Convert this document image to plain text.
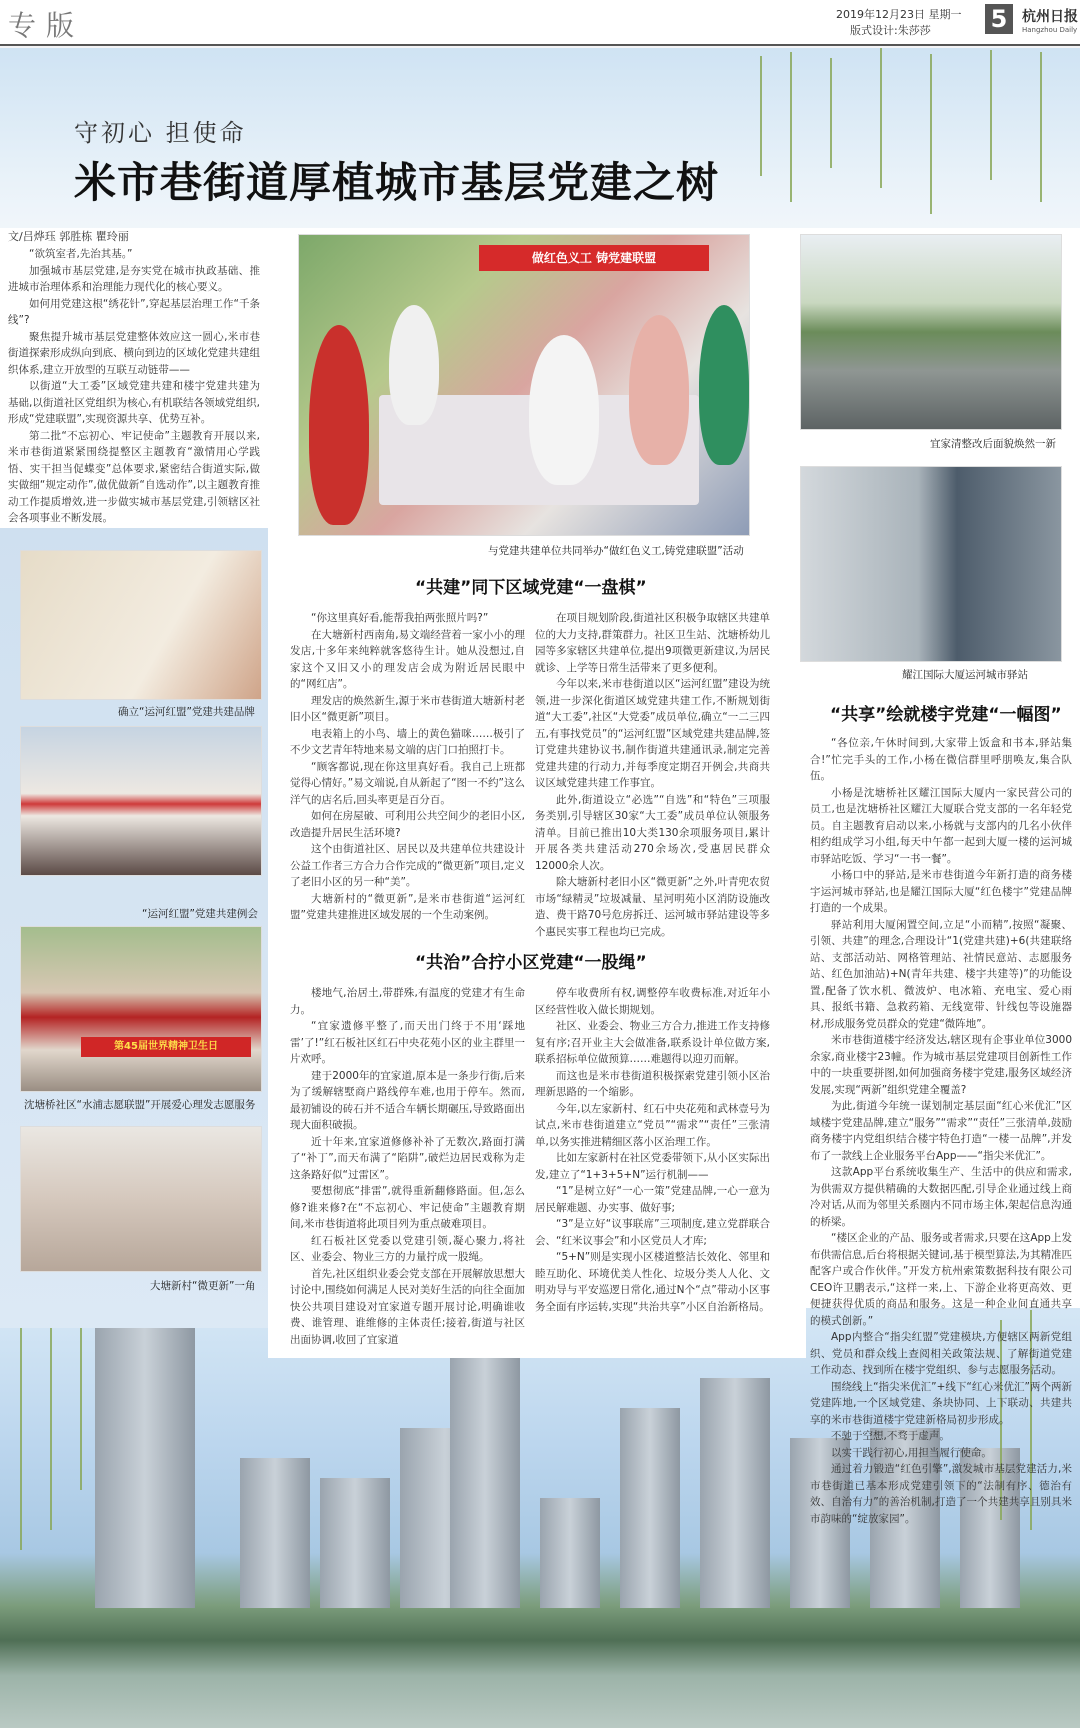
专版	2019年12月23日 星期一
版式设计:朱莎莎 5	杭州日报
Hangzhou Daily
守初心 担使命
米市巷街道厚植城市基层党建之树
文/吕烨珏 郭胜栋 瞿玲丽

“欲筑室者,先治其基。”

加强城市基层党建,是夯实党在城市执政基础、推进城市治理体系和治理能力现代化的核心要义。

如何用党建这根“绣花针”,穿起基层治理工作“千条线”?

聚焦提升城市基层党建整体效应这一圆心,米市巷街道探索形成纵向到底、横向到边的区域化党建共建组织体系,建立开放型的互联互动链带——

以街道“大工委”区域党建共建和楼宇党建共建为基础,以街道社区党组织为核心,有机联结各领域党组织,形成“党建联盟”,实现资源共享、优势互补。

第二批“不忘初心、牢记使命”主题教育开展以来,米市巷街道紧紧围绕提整区主题教育“激情用心学践悟、实干担当促蝶变”总体要求,紧密结合街道实际,做实做细“规定动作”,做优做新“自选动作”,以主题教育推动工作提质增效,进一步做实城市基层党建,引领辖区社会各项事业不断发展。

做红色义工 铸党建联盟
与党建共建单位共同举办“做红色义工,铸党建联盟”活动
宜家清整改后面貌焕然一新
耀江国际大厦运河城市驿站
确立“运河红盟”党建共建品牌
“运河红盟”党建共建例会
第45届世界精神卫生日
沈塘桥社区“水浦志愿联盟”开展爱心理发志愿服务
大塘新村“微更新”一角
“共建”同下区域党建“一盘棋”

“你这里真好看,能帮我拍两张照片吗?”

在大塘新村西南角,易文端经营着一家小小的理发店,十多年来纯粹就客悠待生计。她从没想过,自家这个又旧又小的理发店会成为附近居民眼中的“网红店”。

理发店的焕然新生,源于米市巷街道大塘新村老旧小区“微更新”项目。

电表箱上的小鸟、墙上的黄色猫咪……极引了不少文艺青年特地来易文端的店门口拍照打卡。

“顾客都说,现在你这里真好看。我自己上班都觉得心情好。”易文端说,自从新起了“图一不约”这么洋气的店名后,回头率更是百分百。

如何在房屋破、可利用公共空间少的老旧小区,改造提升居民生活环境?

这个由街道社区、居民以及共建单位共建设计公益工作者三方合力合作完成的“微更新”项目,定义了老旧小区的另一种“美”。

大塘新村的“微更新”,是米市巷街道“运河红盟”党建共建推进区域发展的一个生动案例。

在项目规划阶段,街道社区积极争取辖区共建单位的大力支持,群策群力。社区卫生站、沈塘桥幼儿园等多家辖区共建单位,提出9项微更新建议,为居民就诊、上学等日常生活带来了更多便利。

今年以来,米市巷街道以区“运河红盟”建设为统领,进一步深化街道区域党建共建工作,不断规划街道“大工委”,社区“大党委”成员单位,确立“一二三四五,有事找党员”的“运河红盟”区域党建共建品牌,签订党建共建协议书,制作街道共建通讯录,制定完善党建共建的行动力,并每季度定期召开例会,共商共议区域党建共建工作事宜。

此外,街道设立“必选”“自选”和“特色”三项服务类别,引导辖区30家“大工委”成员单位认领服务清单。目前已推出10大类130余项服务项目,累计开展各类共建活动270余场次,受惠居民群众12000余人次。

除大塘新村老旧小区“微更新”之外,叶青兜农贸市场“绿精灵”垃圾减量、星河明苑小区消防设施改造、费干路70号危房拆迁、运河城市驿站建设等多个惠民实事工程也均已完成。

“共治”合拧小区党建“一股绳”

楼地气,治居土,带群殊,有温度的党建才有生命力。

“宜家遗修平整了,而天出门终于不用‘踩地雷’了!”红石板社区红石中央花苑小区的业主群里一片欢呼。

建于2000年的宜家道,原本是一条步行街,后来为了缓解辖墅商户路线停车难,也用于停车。然而,最初铺设的砖石并不适合车辆长期碾压,导致路面出现大面积破损。

近十年来,宜家道修修补补了无数次,路面打满了“补丁”,而天布满了“陷阱”,破烂边居民戏称为走这条路好似“过雷区”。

要想彻底“排雷”,就得重新翻修路面。但,怎么修?谁来修?在“不忘初心、牢记使命”主题教育期间,米市巷街道将此项目列为重点破难项目。

红石板社区党委以党建引领,凝心聚力,将社区、业委会、物业三方的力量拧成一股绳。

首先,社区组织业委会党支部在开展解放思想大讨论中,围绕如何满足人民对美好生活的向往全面加快公共项目建设对宜家道专题开展讨论,明确谁收费、谁管理、谁维修的主体责任;接着,街道与社区出面协调,收回了宜家道

停车收费所有权,调整停车收费标准,对近年小区经营性收入做长期规划。

社区、业委会、物业三方合力,推进工作支持修复有序;召开业主大会做准备,联系设计单位做方案,联系招标单位做预算……难题得以迎刃而解。

而这也是米市巷街道积极探索党建引领小区治理新思路的一个缩影。

今年,以左家新村、红石中央花苑和武林壹号为试点,米市巷街道建立“党员”“需求”“责任”三张清单,以务实推进精细区落小区治理工作。

比如左家新村在社区党委带领下,从小区实际出发,建立了“1+3+5+N”运行机制——

“1”是树立好“一心一策”党建品牌,一心一意为居民解难题、办实事、做好事;

“3”是立好“议事联席”三项制度,建立党群联合会、“红米议事会”和小区党员人才库;

“5+N”则是实现小区楼道整洁长效化、邻里和睦互助化、环境优美人性化、垃圾分类人人化、文明劝导与平安巡逻日常化,通过N个“点”带动小区事务全面有序运转,实现“共治共享”小区自治新格局。

“共享”绘就楼宇党建“一幅图”

“各位亲,午休时间到,大家带上饭盒和书本,驿站集合!”忙完手头的工作,小杨在微信群里呼朋唤友,集合队伍。

小杨是沈塘桥社区耀江国际大厦内一家民营公司的员工,也是沈塘桥社区耀江大厦联合党支部的一名年轻党员。自主题教育启动以来,小杨就与支部内的几名小伙伴相约组成学习小组,每天中午都一起到大厦一楼的运河城市驿站吃饭、学习“一书一餐”。

小杨口中的驿站,是米市巷街道今年新打造的商务楼宇运河城市驿站,也是耀江国际大厦“红色楼宇”党建品牌打造的一个成果。

驿站利用大厦闲置空间,立足“小而精”,按照“凝聚、引领、共建”的理念,合理设计“1(党建共建)+6(共建联络站、支部活动站、网格管理站、社情民意站、志愿服务站、红色加油站)+N(青年共建、楼宇共建等)”的功能设置,配备了饮水机、微波炉、电冰箱、充电宝、爱心雨具、报纸书籍、急救药箱、无线宽带、针线包等设施器材,形成服务党员群众的党建“微阵地”。

米市巷街道楼宇经济发达,辖区现有企事业单位3000余家,商业楼宇23幢。作为城市基层党建项目创新性工作中的一块重要拼图,如何加强商务楼宇党建,服务区域经济发展,实现“两新”组织党建全覆盖?

为此,街道今年统一谋划制定基层面“红心米优汇”区域楼宇党建品牌,建立“服务”“需求”“责任”三张清单,鼓励商务楼宇内党组织结合楼宇特色打造“一楼一品牌”,并发布了一款线上企业服务平台App——“指尖米优汇”。

这款App平台系统收集生产、生活中的供应和需求,为供需双方提供精确的大数据匹配,引导企业通过线上商冷对话,从而为邻里关系圈内不同市场主体,架起信息沟通的桥梁。

“楼区企业的产品、服务或者需求,只要在这App上发布供需信息,后台将根据关键词,基于模型算法,为其精准匹配客户或合作伙伴。”开发方杭州索策数据科技有限公司CEO许卫鹏表示,“这样一来,上、下游企业将更高效、更便捷获得优质的商品和服务。这是一种企业间直通共享的模式创新。”

App内整合“指尖红盟”党建模块,方便辖区两新党组织、党员和群众线上查阅相关政策法规、了解街道党建工作动态、找到所在楼宇党组织、参与志愿服务活动。

围绕线上“指尖米优汇”+线下“红心米优汇”两个两新党建阵地,一个区域党建、条块协同、上下联动、共建共享的米市巷街道楼宇党建新格局初步形成。

不驰于空想,不骛于虚声。

以实干践行初心,用担当履行使命。

通过着力锻造“红色引擎”,激发城市基层党建活力,米市巷街道已基本形成党建引领下的“法制有序、德治有效、自治有力”的善治机制,打造了一个共建共享且别具米市韵味的“绽放家园”。
